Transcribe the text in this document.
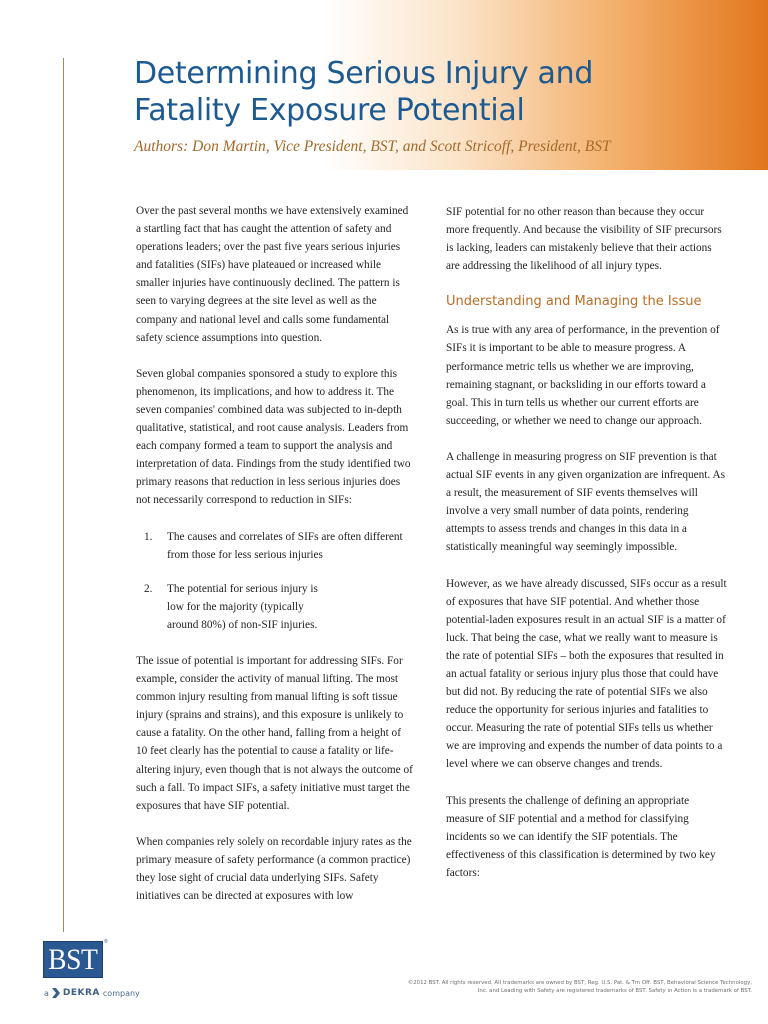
Determining Serious Injury and Fatality Exposure Potential

Authors: Don Martin, Vice President, BST, and Scott Stricoff, President, BST

Over the past several months we have extensively examined a startling fact that has caught the attention of safety and operations leaders; over the past five years serious injuries and fatalities (SIFs) have plateaued or increased while smaller injuries have continuously declined. The pattern is seen to varying degrees at the site level as well as the company and national level and calls some fundamental safety science assumptions into question.

Seven global companies sponsored a study to explore this phenomenon, its implications, and how to address it. The seven companies' combined data was subjected to in-depth qualitative, statistical, and root cause analysis. Leaders from each company formed a team to support the analysis and interpretation of data. Findings from the study identified two primary reasons that reduction in less serious injuries does not necessarily correspond to reduction in SIFs:

1.	The causes and correlates of SIFs are often different from those for less serious injuries
2.	The potential for serious injury is low for the majority (typically around 80%) of non-SIF injuries.

The issue of potential is important for addressing SIFs. For example, consider the activity of manual lifting. The most common injury resulting from manual lifting is soft tissue injury (sprains and strains), and this exposure is unlikely to cause a fatality. On the other hand, falling from a height of 10 feet clearly has the potential to cause a fatality or life-altering injury, even though that is not always the outcome of such a fall. To impact SIFs, a safety initiative must target the exposures that have SIF potential.

When companies rely solely on recordable injury rates as the primary measure of safety performance (a common practice) they lose sight of crucial data underlying SIFs. Safety initiatives can be directed at exposures with low

SIF potential for no other reason than because they occur more frequently. And because the visibility of SIF precursors is lacking, leaders can mistakenly believe that their actions are addressing the likelihood of all injury types.

Understanding and Managing the Issue

As is true with any area of performance, in the prevention of SIFs it is important to be able to measure progress. A performance metric tells us whether we are improving, remaining stagnant, or backsliding in our efforts toward a goal. This in turn tells us whether our current efforts are succeeding, or whether we need to change our approach.

A challenge in measuring progress on SIF prevention is that actual SIF events in any given organization are infrequent. As a result, the measurement of SIF events themselves will involve a very small number of data points, rendering attempts to assess trends and changes in this data in a statistically meaningful way seemingly impossible.

However, as we have already discussed, SIFs occur as a result of exposures that have SIF potential. And whether those potential-laden exposures result in an actual SIF is a matter of luck. That being the case, what we really want to measure is the rate of potential SIFs – both the exposures that resulted in an actual fatality or serious injury plus those that could have but did not. By reducing the rate of potential SIFs we also reduce the opportunity for serious injuries and fatalities to occur. Measuring the rate of potential SIFs tells us whether we are improving and expends the number of data points to a level where we can observe changes and trends.

This presents the challenge of defining an appropriate measure of SIF potential and a method for classifying incidents so we can identify the SIF potentials. The effectiveness of this classification is determined by two key factors:

BST
®
a DEKRA company

©2012 BST. All rights reserved. All trademarks are owned by BST, Reg. U.S. Pat. & Tm Off. BST, Behavioral Science Technology, Inc. and Leading with Safety are registered trademarks of BST. Safety in Action is a trademark of BST.
